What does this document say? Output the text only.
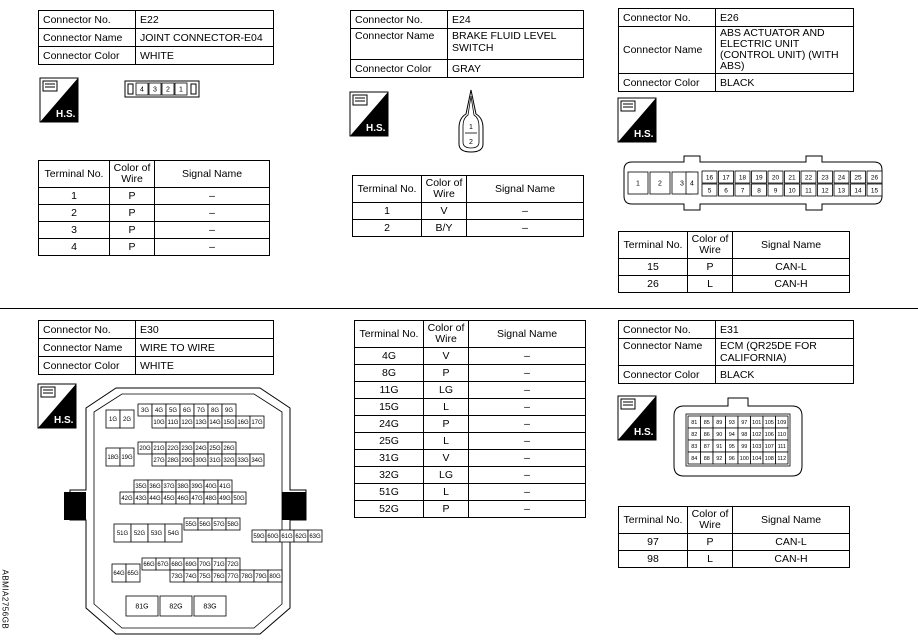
Connector No.	E22
Connector Name	JOINT CONNECTOR-E04
Connector Color	WHITE
H.S.
4 3 2 1
Terminal No.	Color of Wire	Signal Name
1	P	–
2	P	–
3	P	–
4	P	–
Connector No.	E24
Connector Name	BRAKE FLUID LEVEL SWITCH
Connector Color	GRAY
H.S.	1
2
Terminal No.	Color of Wire	Signal Name
1	V	–
2	B/Y	–
Connector No.	E26
Connector Name	ABS ACTUATOR AND ELECTRIC UNIT (CONTROL UNIT) (WITH ABS)
Connector Color	BLACK
H.S.
1	2	3 4
16 17 18 19 20 21 22 23 24 25 26
5 6 7 8 9 10 11 12 13 14 15
Terminal No.	Color of Wire	Signal Name
15	P	CAN-L
26	L	CAN-H
Connector No.	E30
Connector Name	WIRE TO WIRE
Connector Color	WHITE
H.S.	1G 2G
3G 4G 5G 6G 7G 8G 9G
10G 11G 12G 13G 14G 15G 16G 17G
18G 19G
20G 21G 22G 23G 24G 25G 26G
27G 28G 29G 30G 31G 32G 33G 34G
35G 36G 37G 38G 39G 40G 41G
42G 43G 44G 45G 46G 47G 48G 49G 50G
51G 52G 53G 54G
55G 56G 57G 58G
59G 60G 61G 62G 63G
64G 65G
66G 67G 68G 69G 70G 71G 72G
73G 74G 75G 76G 77G 78G 79G 80G
81G	82G	83G
Terminal No.	Color of Wire	Signal Name
4G	V	–
8G	P	–
11G	LG	–
15G	L	–
24G	P	–
25G	L	–
31G	V	–
32G	LG	–
51G	L	–
52G	P	–
Connector No.	E31
Connector Name	ECM (QR25DE FOR CALIFORNIA)
Connector Color	BLACK
H.S.
81 85 89 93 97 101 105 109
82 86 90 94 98 102 106 110
83 87 91 95 99 103 107 111
84 88 92 96 100 104 108 112
Terminal No.	Color of Wire	Signal Name
97	P	CAN-L
98	L	CAN-H
ABMIA2756GB
